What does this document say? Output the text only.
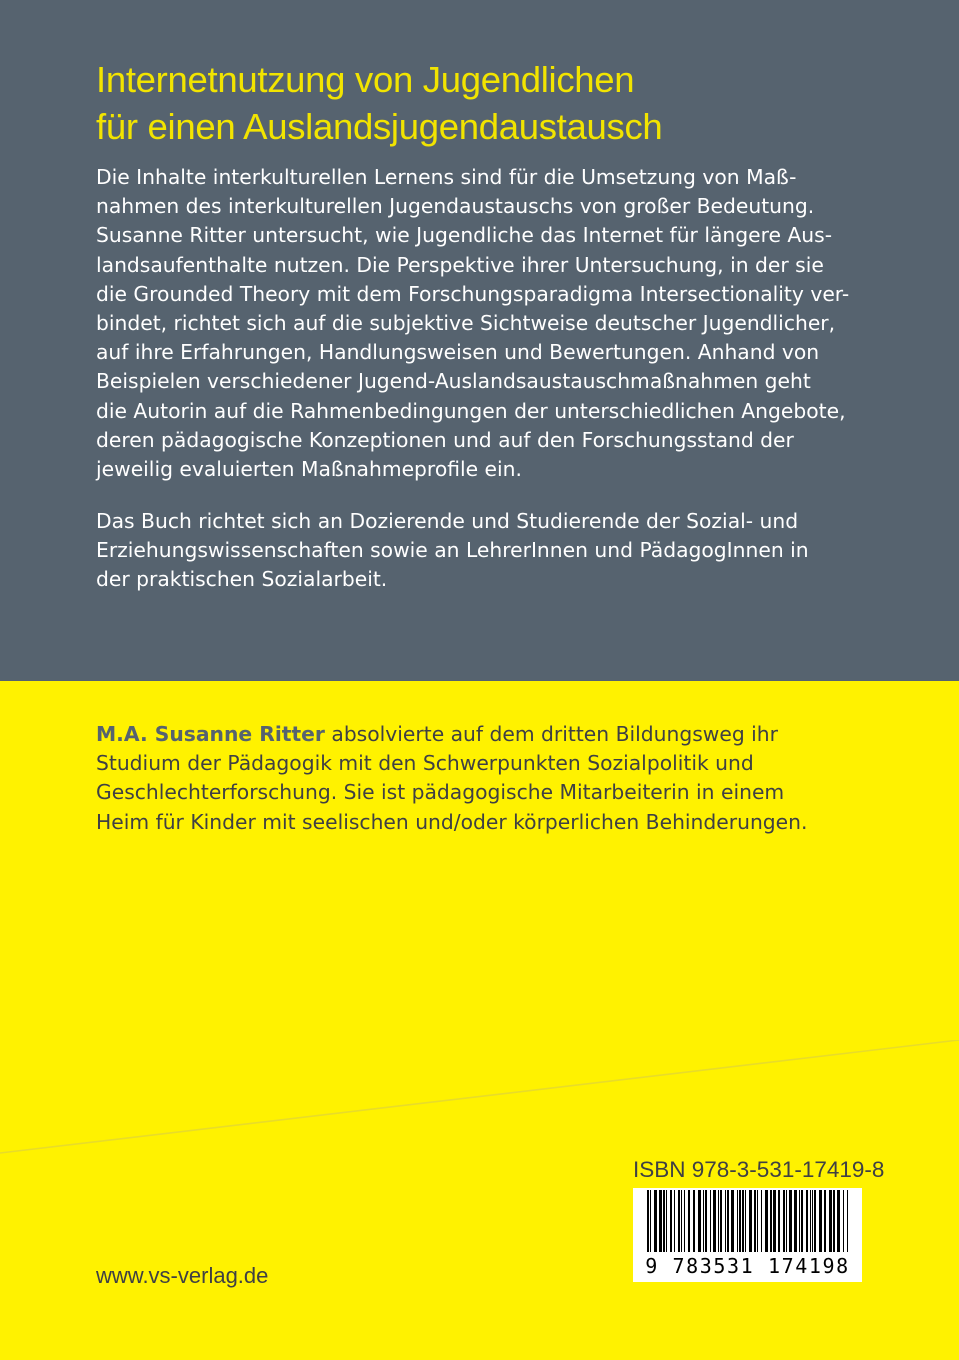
Internetnutzung von Jugendlichen
für einen Auslandsjugendaustausch

Die Inhalte interkulturellen Lernens sind für die Umsetzung von Maß-
nahmen des interkulturellen Jugendaustauschs von großer Bedeutung.
Susanne Ritter untersucht, wie Jugendliche das Internet für längere Aus-
landsaufenthalte nutzen. Die Perspektive ihrer Untersuchung, in der sie
die Grounded Theory mit dem Forschungsparadigma Intersectionality ver-
bindet, richtet sich auf die subjektive Sichtweise deutscher Jugendlicher,
auf ihre Erfahrungen, Handlungsweisen und Bewertungen. Anhand von
Beispielen verschiedener Jugend-Auslandsaustauschmaßnahmen geht
die Autorin auf die Rahmenbedingungen der unterschiedlichen Angebote,
deren pädagogische Konzeptionen und auf den Forschungsstand der
jeweilig evaluierten Maßnahmeprofile ein.

Das Buch richtet sich an Dozierende und Studierende der Sozial- und
Erziehungswissenschaften sowie an LehrerInnen und PädagogInnen in
der praktischen Sozialarbeit.

M.A. Susanne Ritter absolvierte auf dem dritten Bildungsweg ihr
Studium der Pädagogik mit den Schwerpunkten Sozialpolitik und
Geschlechterforschung. Sie ist pädagogische Mitarbeiterin in einem
Heim für Kinder mit seelischen und/oder körperlichen Behinderungen.

ISBN 978-3-531-17419-8

9 783531 174198

www.vs-verlag.de
